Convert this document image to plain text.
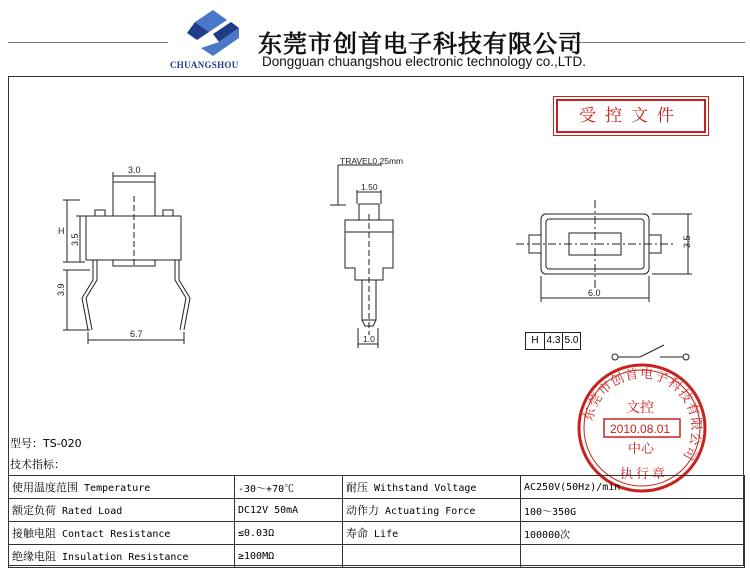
CHUANGSHOU
东莞市创首电子科技有限公司
Dongguan chuangshou electronic technology co.,LTD.
受控文件
3.0
H
3.5
3.9
6.7
TRAVEL0.25mm
1.50
1.0
6.0
3.5
H 4.3 5.0
东莞市创首电子科技有限公司
文控
2010.08.01
中心
执行章
型号：TS-020
技术指标：
使用温度范围 Temperature	-30～+70℃	耐压 Withstand Voltage	AC250V(50Hz)/min
额定负荷 Rated Load	DC12V 50mA	动作力 Actuating Force	100～350G
接触电阻 Contact Resistance	≤0.03Ω	寿命 Life	100000次
绝缘电阻 Insulation Resistance	≥100MΩ		
